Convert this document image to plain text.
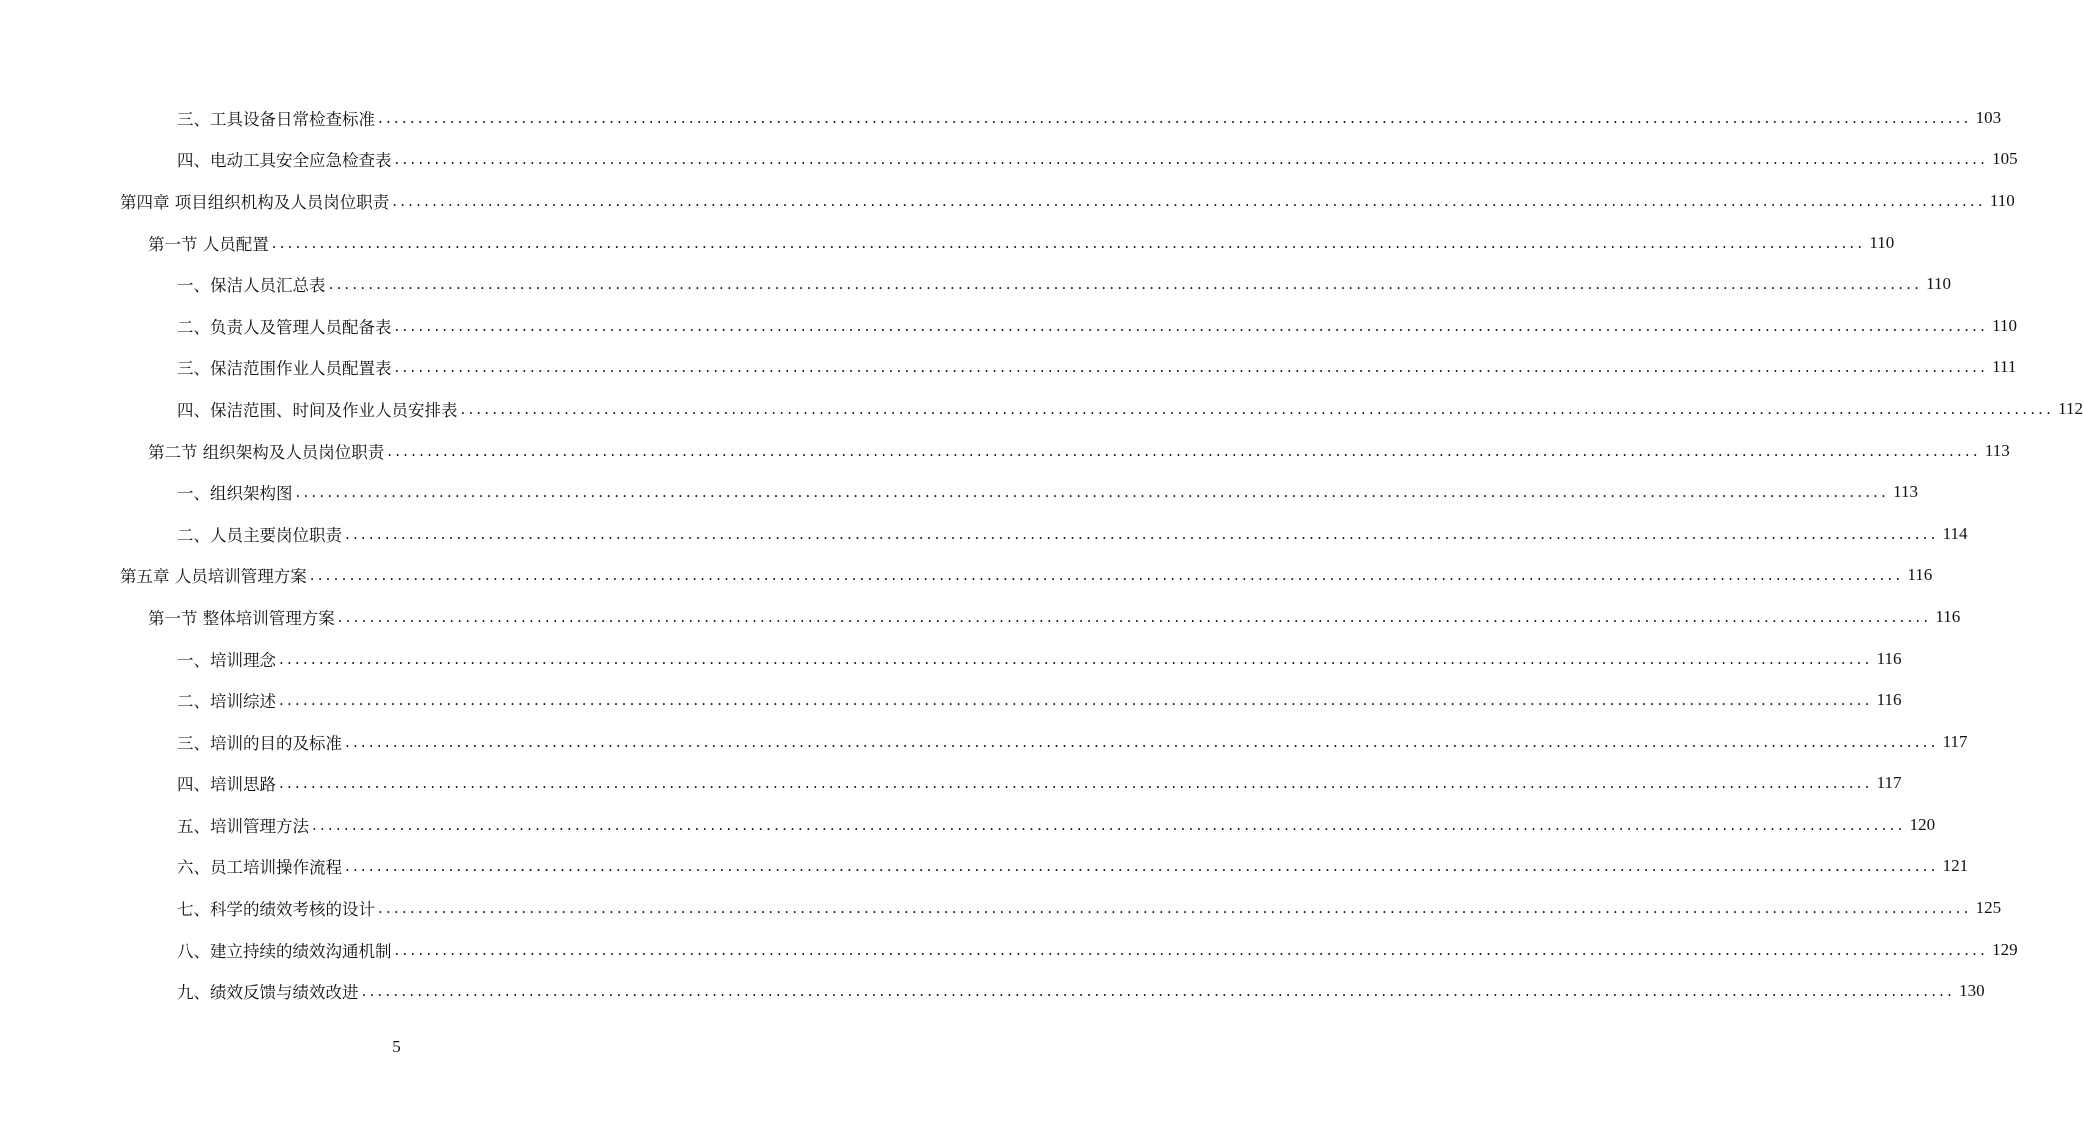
三、工具设备日常检查标准 ........................................................................................................................................................................................................ 103
四、电动工具安全应急检查表 ........................................................................................................................................................................................................ 105
第四章 项目组织机构及人员岗位职责 ........................................................................................................................................................................................................ 110
第一节 人员配置 ........................................................................................................................................................................................................ 110
一、保洁人员汇总表 ........................................................................................................................................................................................................ 110
二、负责人及管理人员配备表 ........................................................................................................................................................................................................ 110
三、保洁范围作业人员配置表 ........................................................................................................................................................................................................ 111
四、保洁范围、时间及作业人员安排表 ........................................................................................................................................................................................................ 112
第二节 组织架构及人员岗位职责 ........................................................................................................................................................................................................ 113
一、组织架构图 ........................................................................................................................................................................................................ 113
二、人员主要岗位职责 ........................................................................................................................................................................................................ 114
第五章 人员培训管理方案 ........................................................................................................................................................................................................ 116
第一节 整体培训管理方案 ........................................................................................................................................................................................................ 116
一、培训理念 ........................................................................................................................................................................................................ 116
二、培训综述 ........................................................................................................................................................................................................ 116
三、培训的目的及标准 ........................................................................................................................................................................................................ 117
四、培训思路 ........................................................................................................................................................................................................ 117
五、培训管理方法 ........................................................................................................................................................................................................ 120
六、员工培训操作流程 ........................................................................................................................................................................................................ 121
七、科学的绩效考核的设计 ........................................................................................................................................................................................................ 125
八、建立持续的绩效沟通机制 ........................................................................................................................................................................................................ 129
九、绩效反馈与绩效改进 ........................................................................................................................................................................................................ 130
5
